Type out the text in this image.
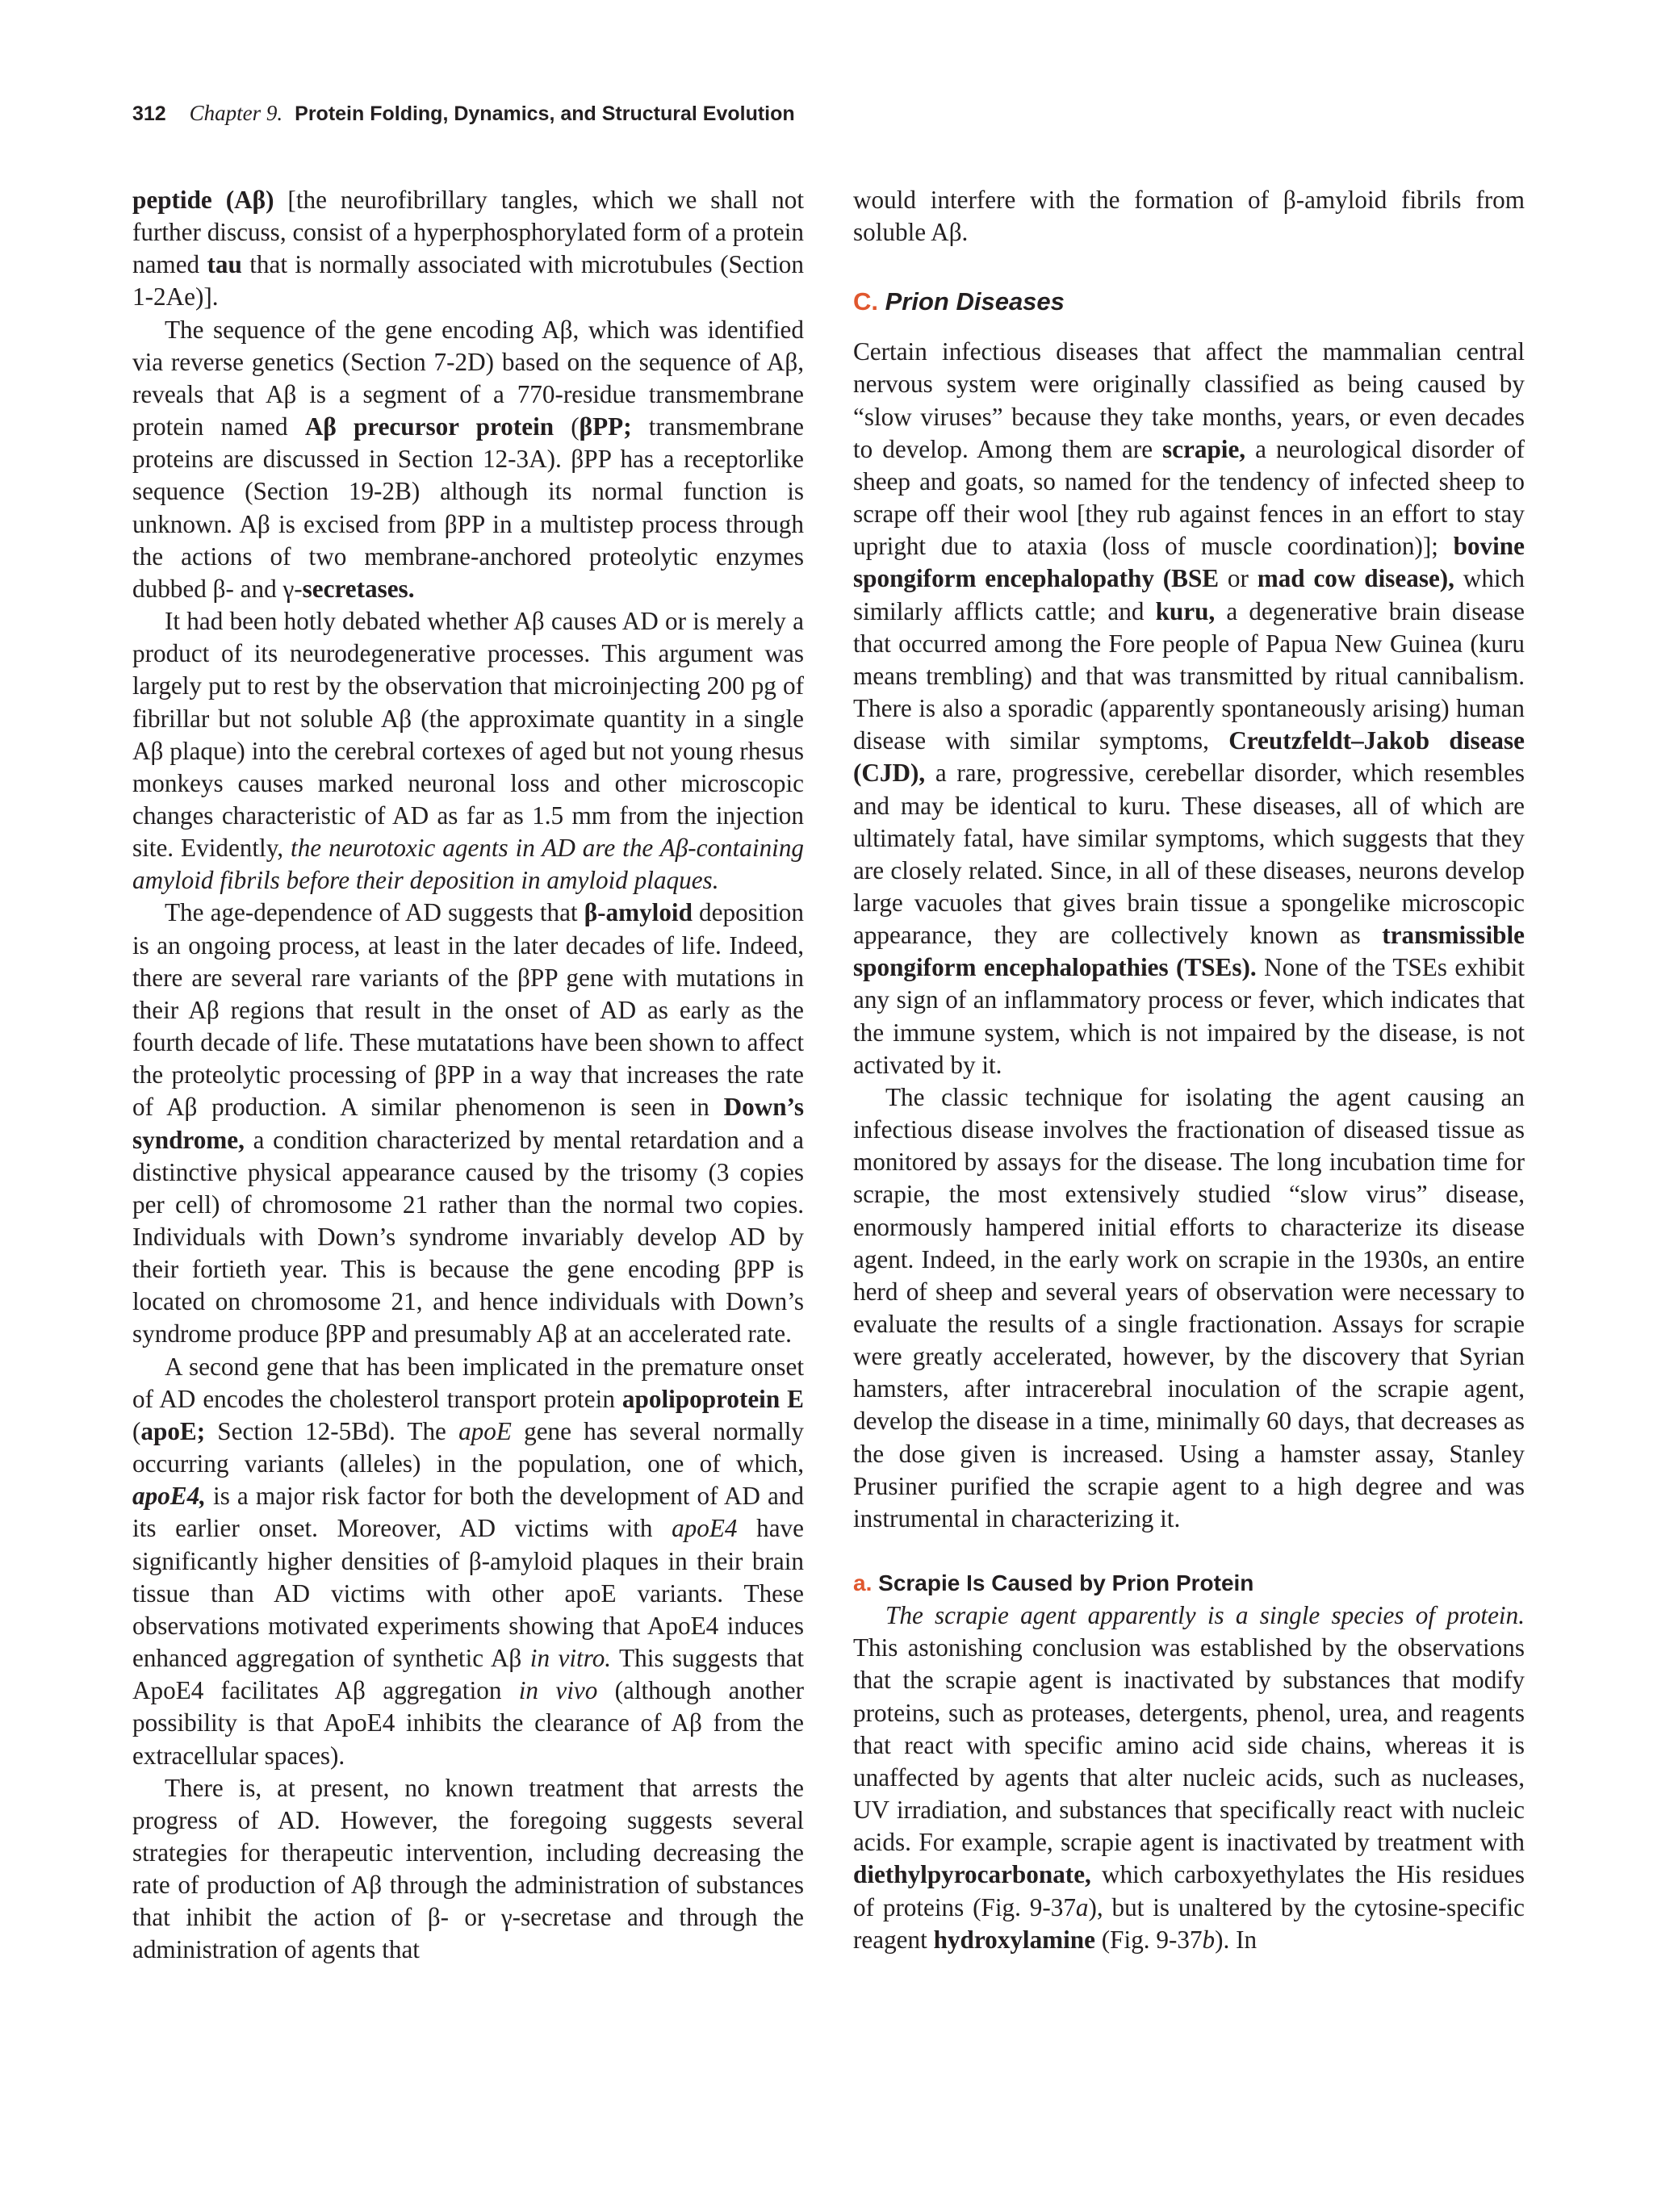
312 Chapter 9. Protein Folding, Dynamics, and Structural Evolution

peptide (Aβ) [the neurofibrillary tangles, which we shall not further discuss, consist of a hyperphosphorylated form of a protein named tau that is normally associated with microtubules (Section 1-2Ae)].

The sequence of the gene encoding Aβ, which was identified via reverse genetics (Section 7-2D) based on the sequence of Aβ, reveals that Aβ is a segment of a 770-residue transmembrane protein named Aβ precursor protein (βPP; transmembrane proteins are discussed in Section 12-3A). βPP has a receptorlike sequence (Section 19-2B) although its normal function is unknown. Aβ is excised from βPP in a multistep process through the actions of two membrane-anchored proteolytic enzymes dubbed β- and γ-secretases.

It had been hotly debated whether Aβ causes AD or is merely a product of its neurodegenerative processes. This argument was largely put to rest by the observation that microinjecting 200 pg of fibrillar but not soluble Aβ (the approximate quantity in a single Aβ plaque) into the cerebral cortexes of aged but not young rhesus monkeys causes marked neuronal loss and other microscopic changes characteristic of AD as far as 1.5 mm from the injection site. Evidently, the neurotoxic agents in AD are the Aβ-containing amyloid fibrils before their deposition in amyloid plaques.

The age-dependence of AD suggests that β-amyloid deposition is an ongoing process, at least in the later decades of life. Indeed, there are several rare variants of the βPP gene with mutations in their Aβ regions that result in the onset of AD as early as the fourth decade of life. These mutatations have been shown to affect the proteolytic processing of βPP in a way that increases the rate of Aβ production. A similar phenomenon is seen in Down’s syndrome, a condition characterized by mental retardation and a distinctive physical appearance caused by the trisomy (3 copies per cell) of chromosome 21 rather than the normal two copies. Individuals with Down’s syndrome invariably develop AD by their fortieth year. This is because the gene encoding βPP is located on chromosome 21, and hence individuals with Down’s syndrome produce βPP and presumably Aβ at an accelerated rate.

A second gene that has been implicated in the premature onset of AD encodes the cholesterol transport protein apolipoprotein E (apoE; Section 12-5Bd). The apoE gene has several normally occurring variants (alleles) in the population, one of which, apoE4, is a major risk factor for both the development of AD and its earlier onset. Moreover, AD victims with apoE4 have significantly higher densities of β-amyloid plaques in their brain tissue than AD victims with other apoE variants. These observations motivated experiments showing that ApoE4 induces enhanced aggregation of synthetic Aβ in vitro. This suggests that ApoE4 facilitates Aβ aggregation in vivo (although another possibility is that ApoE4 inhibits the clearance of Aβ from the extracellular spaces).

There is, at present, no known treatment that arrests the progress of AD. However, the foregoing suggests several strategies for therapeutic intervention, including decreasing the rate of production of Aβ through the administration of substances that inhibit the action of β- or γ-secretase and through the administration of agents that

would interfere with the formation of β-amyloid fibrils from soluble Aβ.

C. Prion Diseases

Certain infectious diseases that affect the mammalian central nervous system were originally classified as being caused by “slow viruses” because they take months, years, or even decades to develop. Among them are scrapie, a neurological disorder of sheep and goats, so named for the tendency of infected sheep to scrape off their wool [they rub against fences in an effort to stay upright due to ataxia (loss of muscle coordination)]; bovine spongiform encephalopathy (BSE or mad cow disease), which similarly afflicts cattle; and kuru, a degenerative brain disease that occurred among the Fore people of Papua New Guinea (kuru means trembling) and that was transmitted by ritual cannibalism. There is also a sporadic (apparently spontaneously arising) human disease with similar symptoms, Creutzfeldt–Jakob disease (CJD), a rare, progressive, cerebellar disorder, which resembles and may be identical to kuru. These diseases, all of which are ultimately fatal, have similar symptoms, which suggests that they are closely related. Since, in all of these diseases, neurons develop large vacuoles that gives brain tissue a spongelike microscopic appearance, they are collectively known as transmissible spongiform encephalopathies (TSEs). None of the TSEs exhibit any sign of an inflammatory process or fever, which indicates that the immune system, which is not impaired by the disease, is not activated by it.

The classic technique for isolating the agent causing an infectious disease involves the fractionation of diseased tissue as monitored by assays for the disease. The long incubation time for scrapie, the most extensively studied “slow virus” disease, enormously hampered initial efforts to characterize its disease agent. Indeed, in the early work on scrapie in the 1930s, an entire herd of sheep and several years of observation were necessary to evaluate the results of a single fractionation. Assays for scrapie were greatly accelerated, however, by the discovery that Syrian hamsters, after intracerebral inoculation of the scrapie agent, develop the disease in a time, minimally 60 days, that decreases as the dose given is increased. Using a hamster assay, Stanley Prusiner purified the scrapie agent to a high degree and was instrumental in characterizing it.

a. Scrapie Is Caused by Prion Protein

The scrapie agent apparently is a single species of protein. This astonishing conclusion was established by the observations that the scrapie agent is inactivated by substances that modify proteins, such as proteases, detergents, phenol, urea, and reagents that react with specific amino acid side chains, whereas it is unaffected by agents that alter nucleic acids, such as nucleases, UV irradiation, and substances that specifically react with nucleic acids. For example, scrapie agent is inactivated by treatment with diethylpyrocarbonate, which carboxyethylates the His residues of proteins (Fig. 9-37a), but is unaltered by the cytosine-specific reagent hydroxylamine (Fig. 9-37b). In
